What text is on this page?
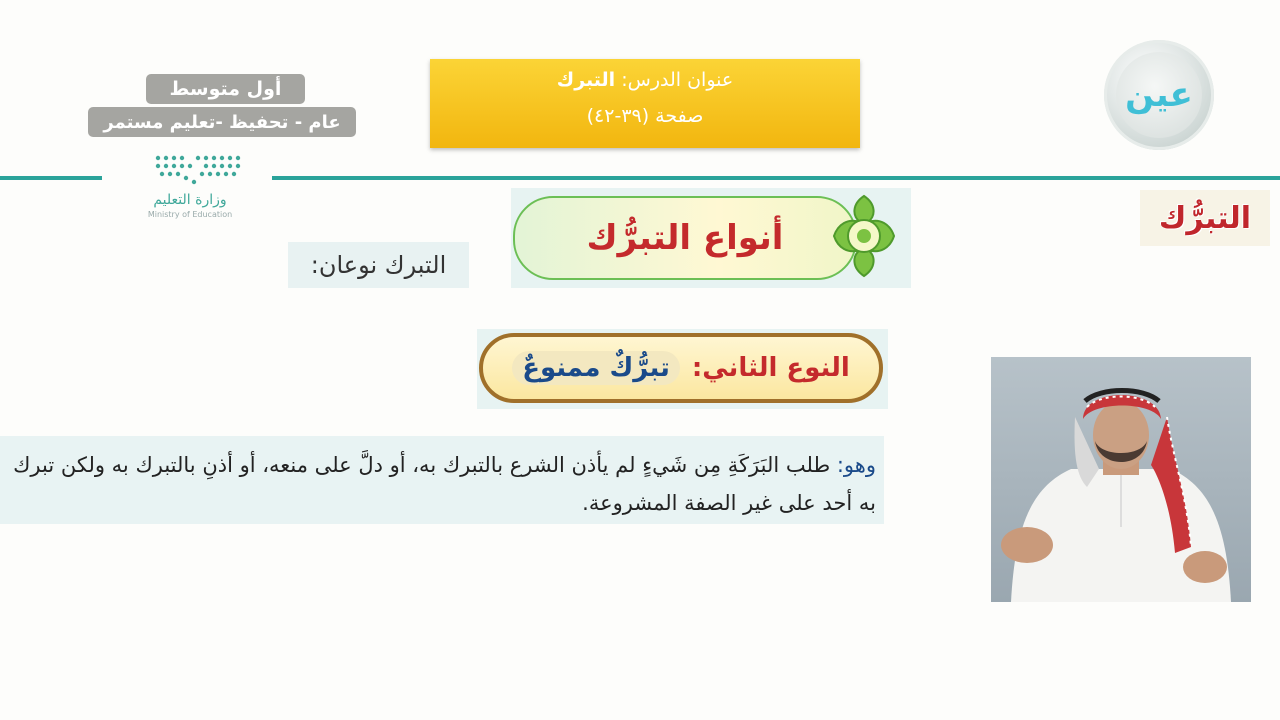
أول متوسط
عام - تحفيظ -تعليم مستمر
عنوان الدرس: التبرك
صفحة (٣٩-٤٢)
عين
وزارة التعليم
Ministry of Education	التبرُّك
أنواع التبرُّك
التبرك نوعان:
النوع الثاني:
تبرُّكٌ ممنوعٌ
وهو: طلب البَرَكَةِ مِن شَيءٍ لم يأذن الشرع بالتبرك به، أو دلَّ على منعه، أو أذنِ بالتبرك به ولكن تبرك به أحد على غير الصفة المشروعة.
